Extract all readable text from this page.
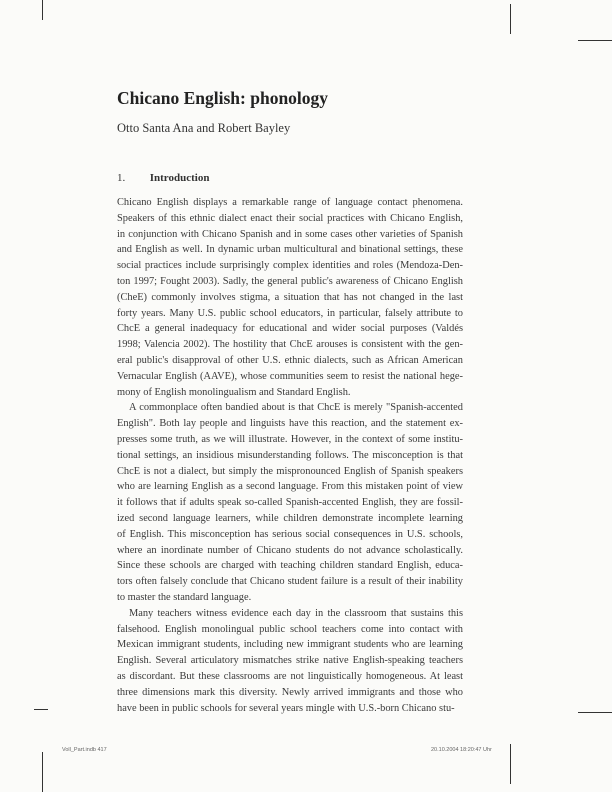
Chicano English: phonology
Otto Santa Ana and Robert Bayley
1. Introduction
Chicano English displays a remarkable range of language contact phenomena.
Speakers of this ethnic dialect enact their social practices with Chicano English,
in conjunction with Chicano Spanish and in some cases other varieties of Spanish
and English as well. In dynamic urban multicultural and binational settings, these
social practices include surprisingly complex identities and roles (Mendoza-Den-
ton 1997; Fought 2003). Sadly, the general public's awareness of Chicano English
(CheE) commonly involves stigma, a situation that has not changed in the last
forty years. Many U.S. public school educators, in particular, falsely attribute to
ChcE a general inadequacy for educational and wider social purposes (Valdés
1998; Valencia 2002). The hostility that ChcE arouses is consistent with the gen-
eral public's disapproval of other U.S. ethnic dialects, such as African American
Vernacular English (AAVE), whose communities seem to resist the national hege-
mony of English monolingualism and Standard English.
A commonplace often bandied about is that ChcE is merely "Spanish-accented
English". Both lay people and linguists have this reaction, and the statement ex-
presses some truth, as we will illustrate. However, in the context of some institu-
tional settings, an insidious misunderstanding follows. The misconception is that
ChcE is not a dialect, but simply the mispronounced English of Spanish speakers
who are learning English as a second language. From this mistaken point of view
it follows that if adults speak so-called Spanish-accented English, they are fossil-
ized second language learners, while children demonstrate incomplete learning
of English. This misconception has serious social consequences in U.S. schools,
where an inordinate number of Chicano students do not advance scholastically.
Since these schools are charged with teaching children standard English, educa-
tors often falsely conclude that Chicano student failure is a result of their inability
to master the standard language.
Many teachers witness evidence each day in the classroom that sustains this
falsehood. English monolingual public school teachers come into contact with
Mexican immigrant students, including new immigrant students who are learning
English. Several articulatory mismatches strike native English-speaking teachers
as discordant. But these classrooms are not linguistically homogeneous. At least
three dimensions mark this diversity. Newly arrived immigrants and those who
have been in public schools for several years mingle with U.S.-born Chicano stu-
Voll_Part.indb 417	20.10.2004 18:20:47 Uhr
